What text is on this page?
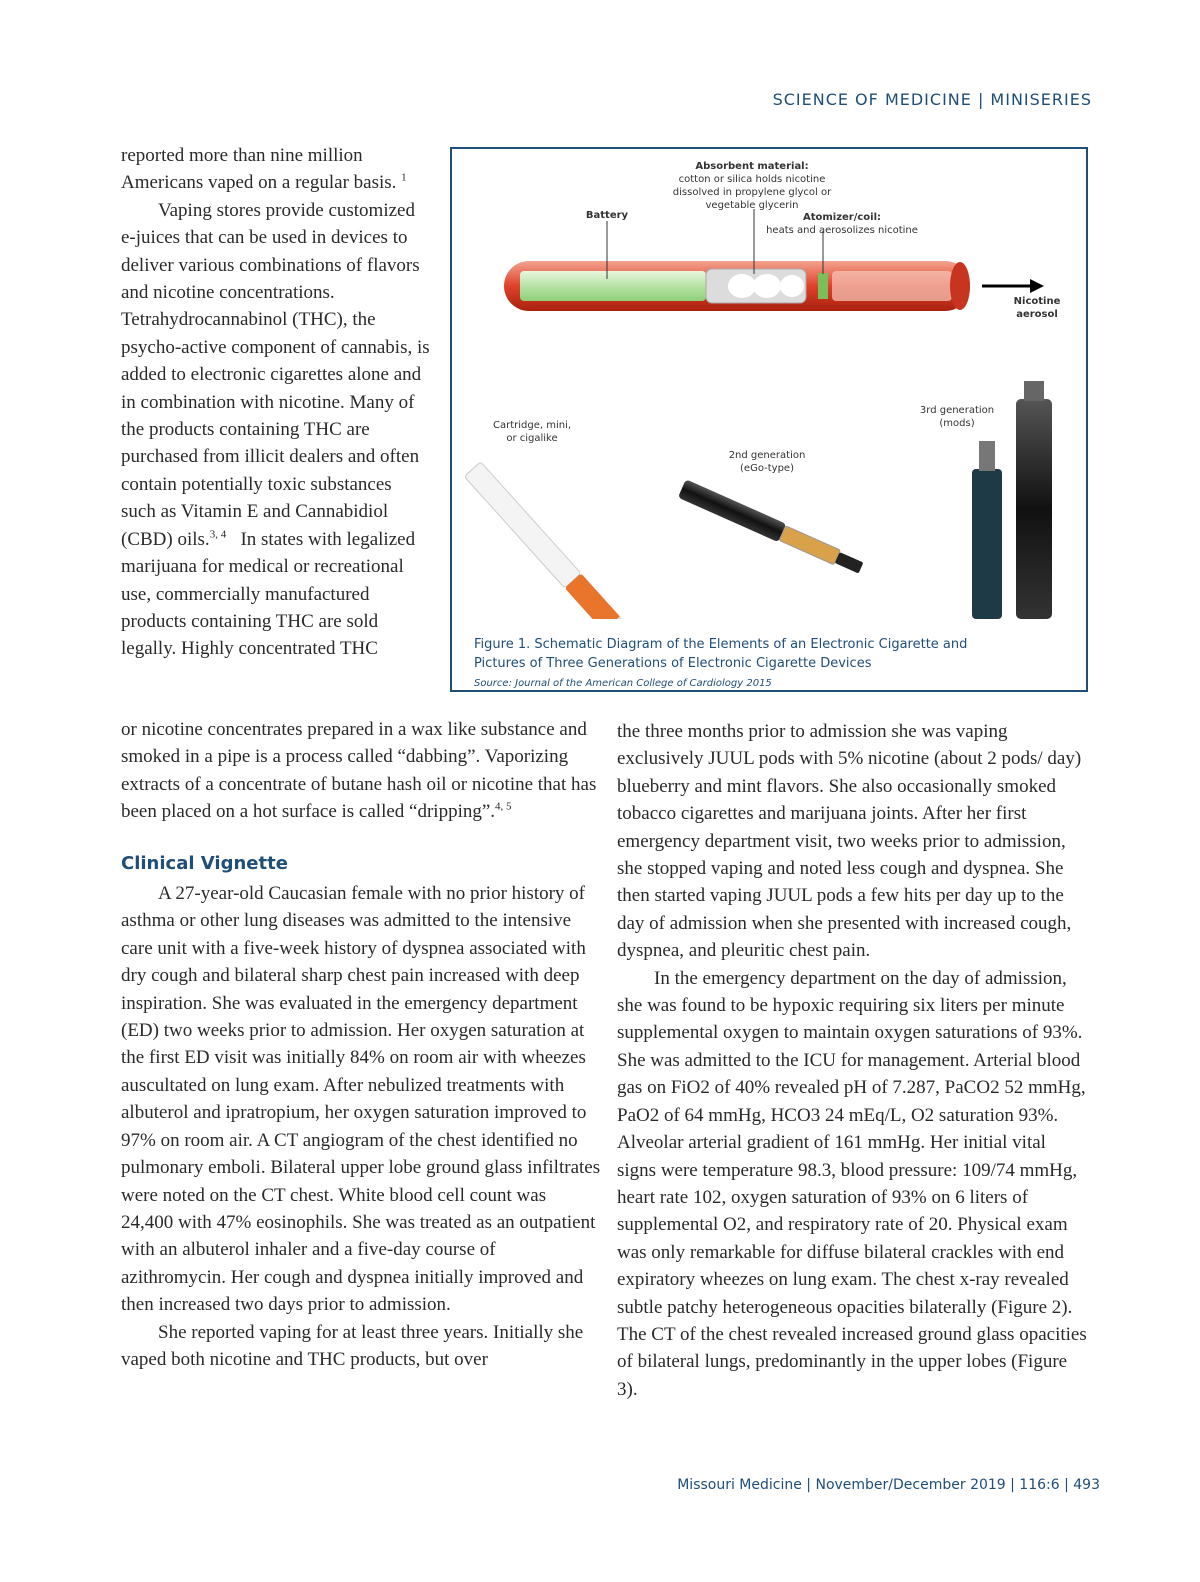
SCIENCE OF MEDICINE | MINISERIES

reported more than nine million Americans vaped on a regular basis. $^1$

Vaping stores provide customized e-juices that can be used in devices to deliver various combinations of flavors and nicotine concentrations. Tetrahydrocannabinol (THC), the psycho-active component of cannabis, is added to electronic cigarettes alone and in combination with nicotine. Many of the products containing THC are purchased from illicit dealers and often contain potentially toxic substances such as Vitamin E and Cannabidiol (CBD) oils.$^{3, 4}$ In states with legalized marijuana for medical or recreational use, commercially manufactured products containing THC are sold legally. Highly concentrated THC

Absorbent material:
cotton or silica holds nicotine
dissolved in propylene glycol or
vegetable glycerin
Battery	Atomizer/coil:
heats and aerosolizes nicotine
Nicotine aerosol
Cartridge, mini,
or cigalike
2nd generation
(eGo-type)
3rd generation
(mods)
Figure 1. Schematic Diagram of the Elements of an Electronic Cigarette and
Pictures of Three Generations of Electronic Cigarette Devices
Source: Journal of the American College of Cardiology 2015

or nicotine concentrates prepared in a wax like substance and smoked in a pipe is a process called “dabbing”. Vaporizing extracts of a concentrate of butane hash oil or nicotine that has been placed on a hot surface is called “dripping”.$^{4, 5}$

Clinical Vignette

A 27-year-old Caucasian female with no prior history of asthma or other lung diseases was admitted to the intensive care unit with a five-week history of dyspnea associated with dry cough and bilateral sharp chest pain increased with deep inspiration. She was evaluated in the emergency department (ED) two weeks prior to admission. Her oxygen saturation at the first ED visit was initially 84% on room air with wheezes auscultated on lung exam. After nebulized treatments with albuterol and ipratropium, her oxygen saturation improved to 97% on room air. A CT angiogram of the chest identified no pulmonary emboli. Bilateral upper lobe ground glass infiltrates were noted on the CT chest. White blood cell count was 24,400 with 47% eosinophils. She was treated as an outpatient with an albuterol inhaler and a five-day course of azithromycin. Her cough and dyspnea initially improved and then increased two days prior to admission.

She reported vaping for at least three years. Initially she vaped both nicotine and THC products, but over

the three months prior to admission she was vaping exclusively JUUL pods with 5% nicotine (about 2 pods/ day) blueberry and mint flavors. She also occasionally smoked tobacco cigarettes and marijuana joints. After her first emergency department visit, two weeks prior to admission, she stopped vaping and noted less cough and dyspnea. She then started vaping JUUL pods a few hits per day up to the day of admission when she presented with increased cough, dyspnea, and pleuritic chest pain.

In the emergency department on the day of admission, she was found to be hypoxic requiring six liters per minute supplemental oxygen to maintain oxygen saturations of 93%. She was admitted to the ICU for management. Arterial blood gas on FiO2 of 40% revealed pH of 7.287, PaCO2 52 mmHg, PaO2 of 64 mmHg, HCO3 24 mEq/L, O2 saturation 93%. Alveolar arterial gradient of 161 mmHg. Her initial vital signs were temperature 98.3, blood pressure: 109/74 mmHg, heart rate 102, oxygen saturation of 93% on 6 liters of supplemental O2, and respiratory rate of 20. Physical exam was only remarkable for diffuse bilateral crackles with end expiratory wheezes on lung exam. The chest x-ray revealed subtle patchy heterogeneous opacities bilaterally (Figure 2). The CT of the chest revealed increased ground glass opacities of bilateral lungs, predominantly in the upper lobes (Figure 3).

Missouri Medicine | November/December 2019 | 116:6 | 493
